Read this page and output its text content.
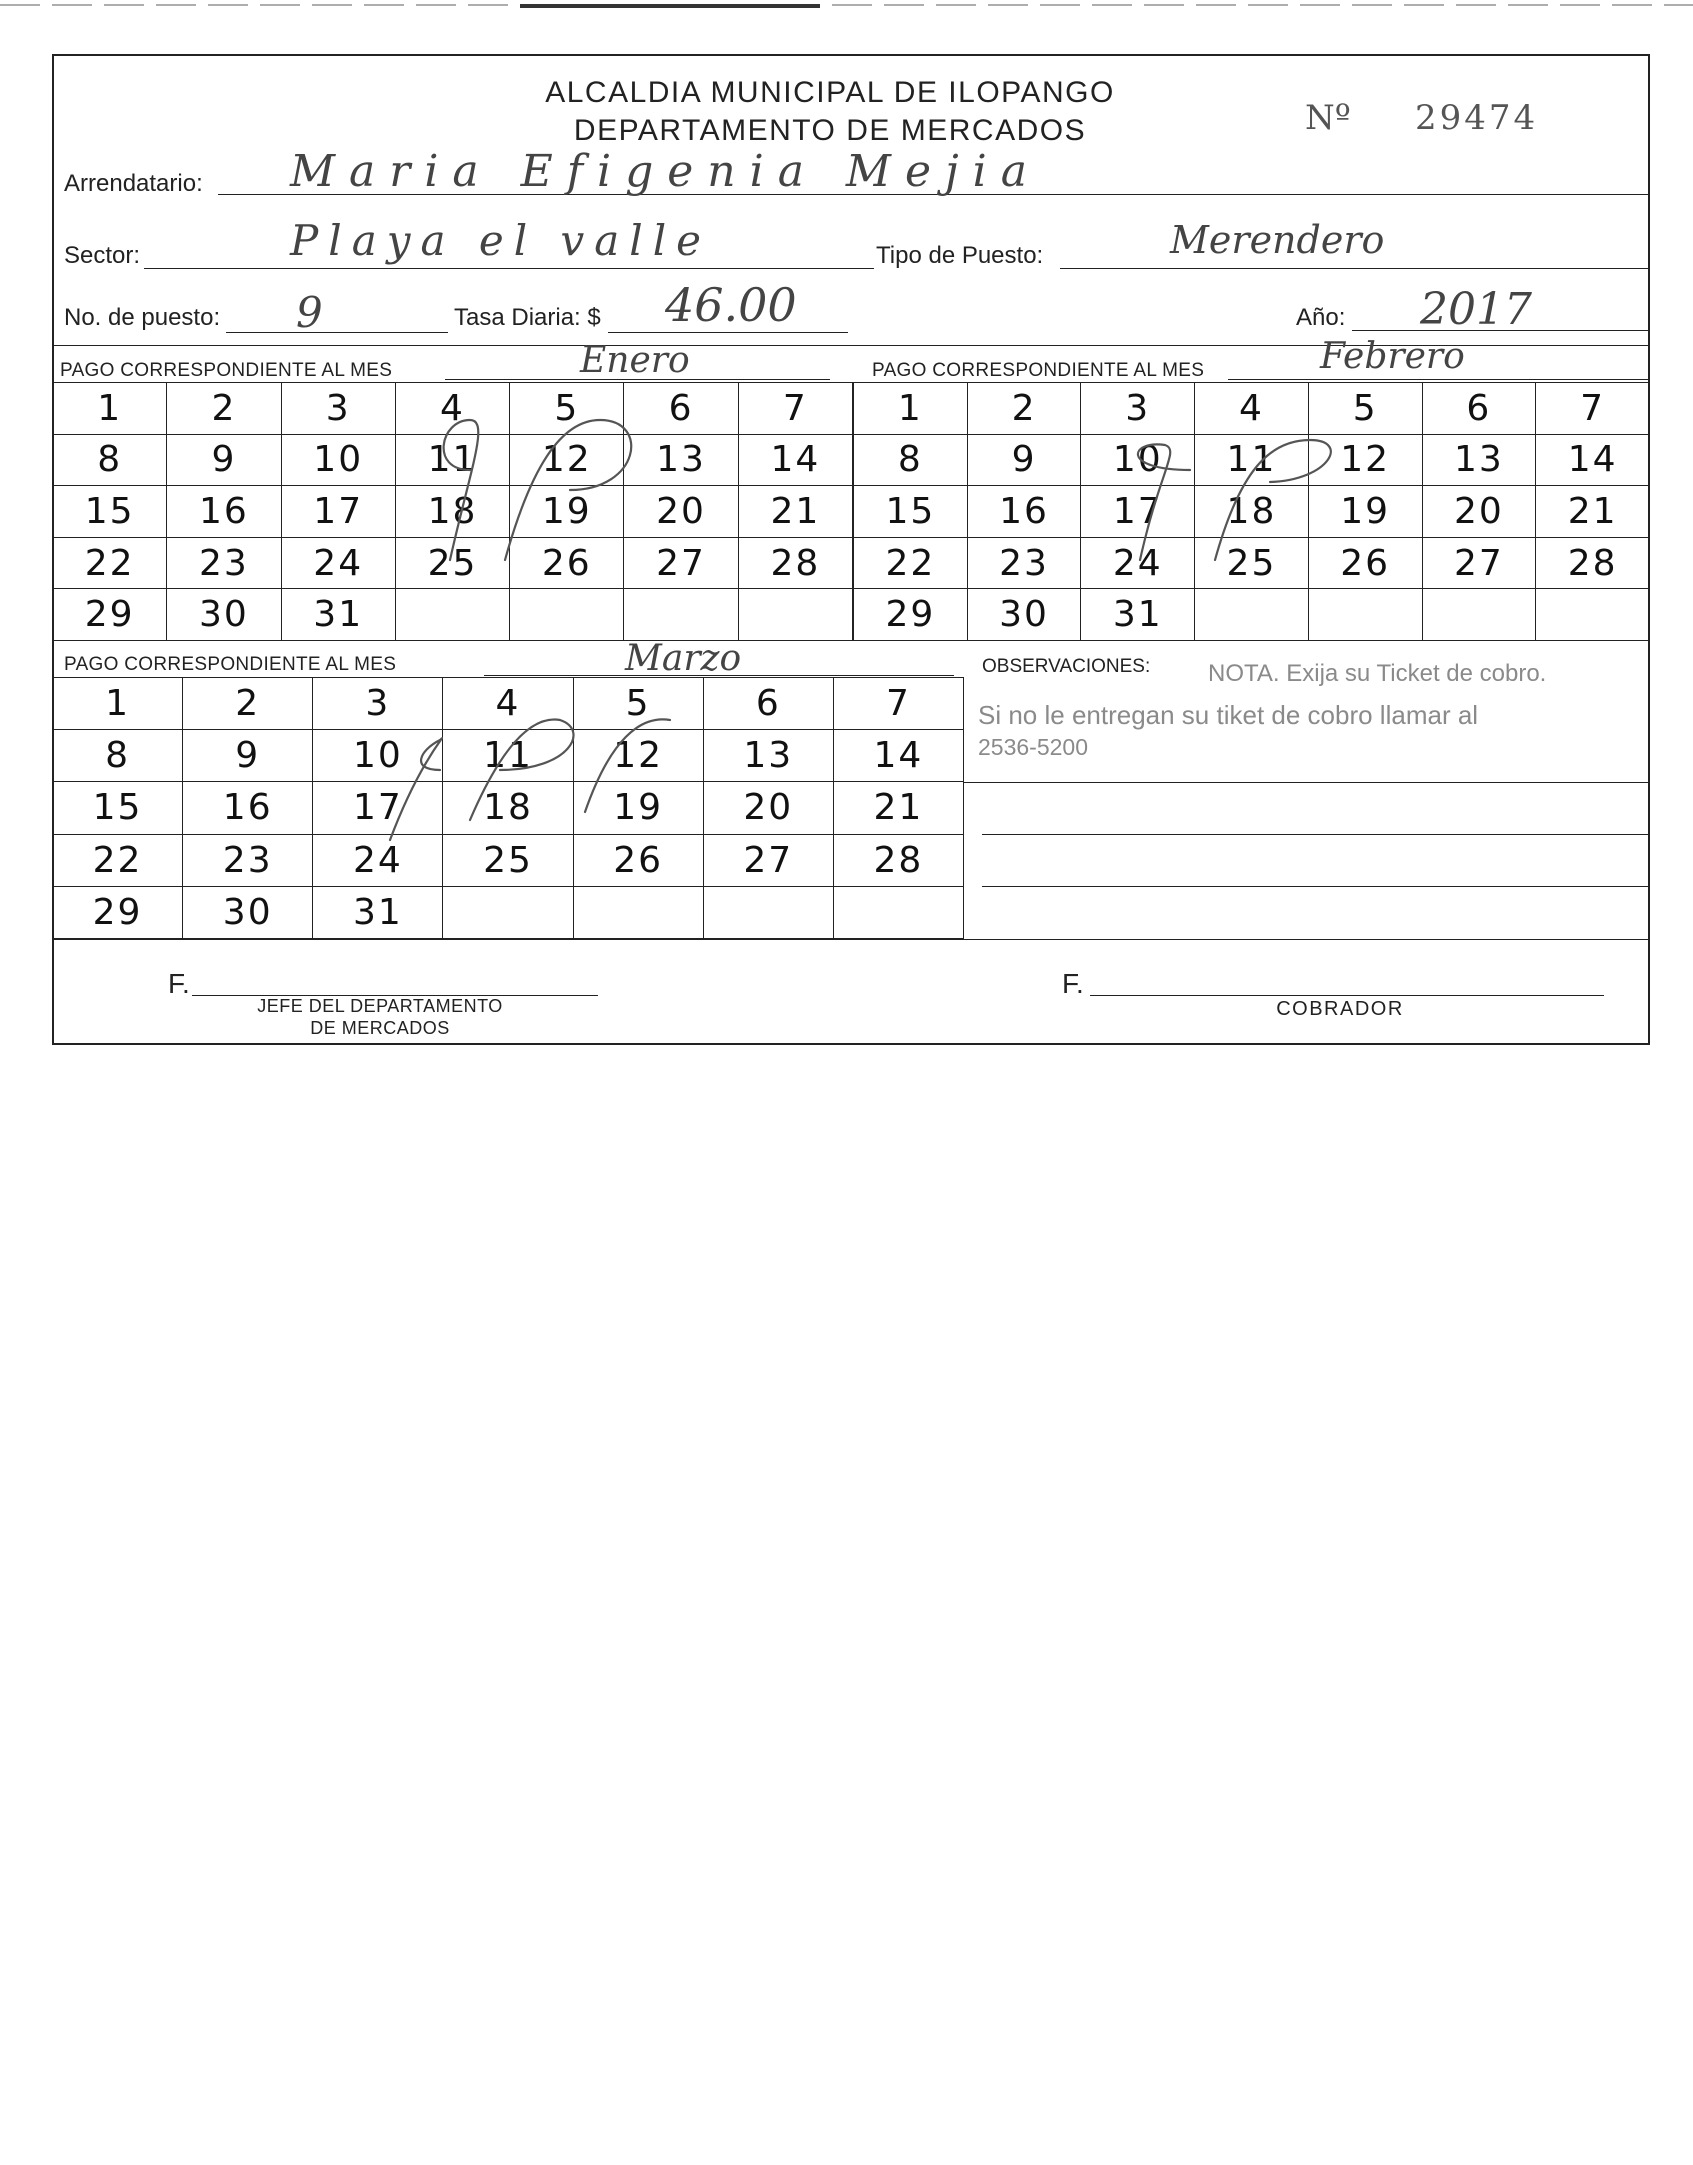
ALCALDIA MUNICIPAL DE ILOPANGO
DEPARTAMENTO DE MERCADOS	Nº 29474
Arrendatario: Maria Efigenia Mejia
Sector:	Playa el valle	Tipo de Puesto:	Merendero
No. de puesto: 9	Tasa Diaria: $ 46.00	Año: 2017
PAGO CORRESPONDIENTE AL MES	Enero	PAGO CORRESPONDIENTE AL MES	Febrero
1	2	3	4	5	6	7
8	9	10	11	12	13	14
15	16	17	18	19	20	21
22	23	24	25	26	27	28
29	30	31				
1	2	3	4	5	6	7
8	9	10	11	12	13	14
15	16	17	18	19	20	21
22	23	24	25	26	27	28
29	30	31				
PAGO CORRESPONDIENTE AL MES	Marzo
1	2	3	4	5	6	7
8	9	10	11	12	13	14
15	16	17	18	19	20	21
22	23	24	25	26	27	28
29	30	31				
OBSERVACIONES: NOTA. Exija su Ticket de cobro.
Si no le entregan su tiket de cobro llamar al
2536-5200
F.
JEFE DEL DEPARTAMENTO
DE MERCADOS
F.
COBRADOR
